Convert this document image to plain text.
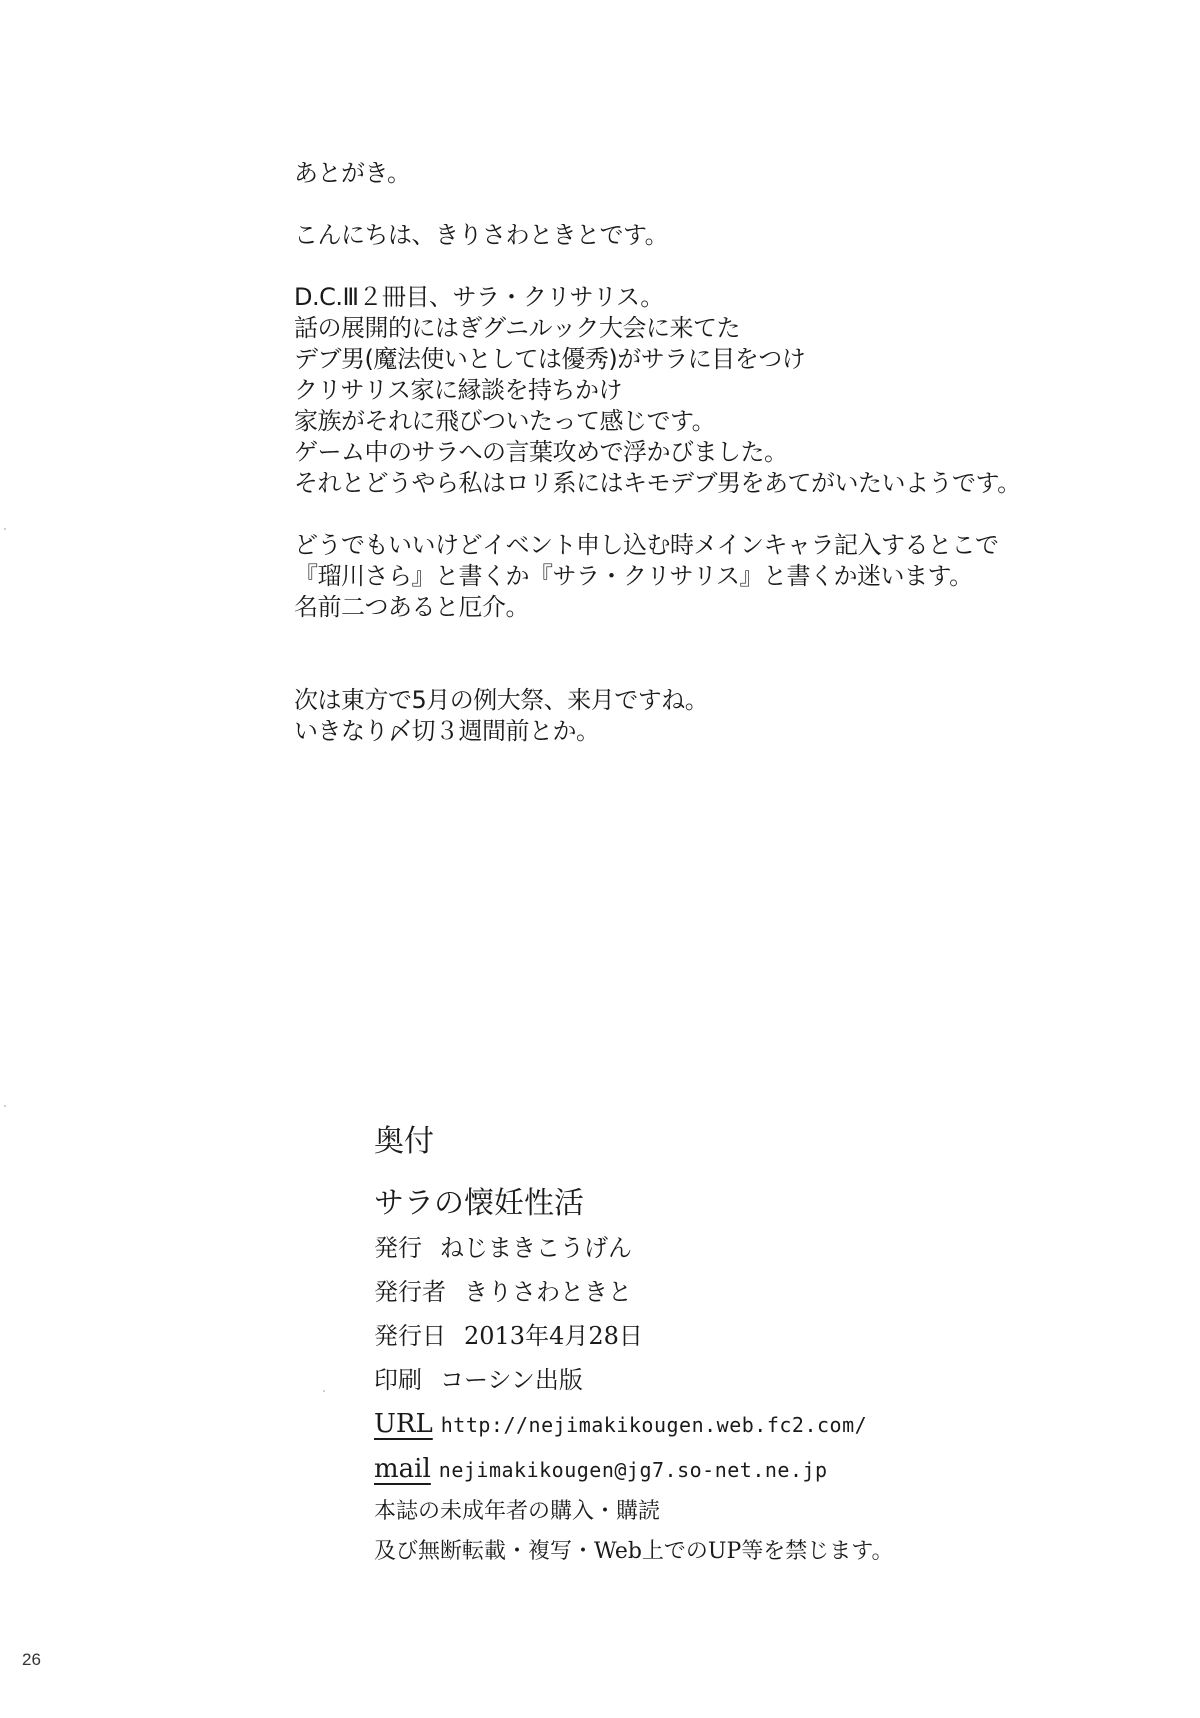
あとがき。
こんにちは、きりさわときとです。
D.C.Ⅲ２冊目、サラ・クリサリス。
話の展開的にはぎグニルック大会に来てた
デブ男(魔法使いとしては優秀)がサラに目をつけ
クリサリス家に縁談を持ちかけ
家族がそれに飛びついたって感じです。
ゲーム中のサラへの言葉攻めで浮かびました。
それとどうやら私はロリ系にはキモデブ男をあてがいたいようです。
どうでもいいけどイベント申し込む時メインキャラ記入するとこで
『瑠川さら』と書くか『サラ・クリサリス』と書くか迷います。
名前二つあると厄介。
次は東方で5月の例大祭、来月ですね。
いきなり〆切３週間前とか。
奥付
サラの懐妊性活
発行 ねじまきこうげん
発行者 きりさわときと
発行日 2013年4月28日
印刷 コーシン出版
URL http://nejimakikougen.web.fc2.com/
mail nejimakikougen@jg7.so-net.ne.jp
本誌の未成年者の購入・購読
及び無断転載・複写・Web上でのUP等を禁じます。
26
